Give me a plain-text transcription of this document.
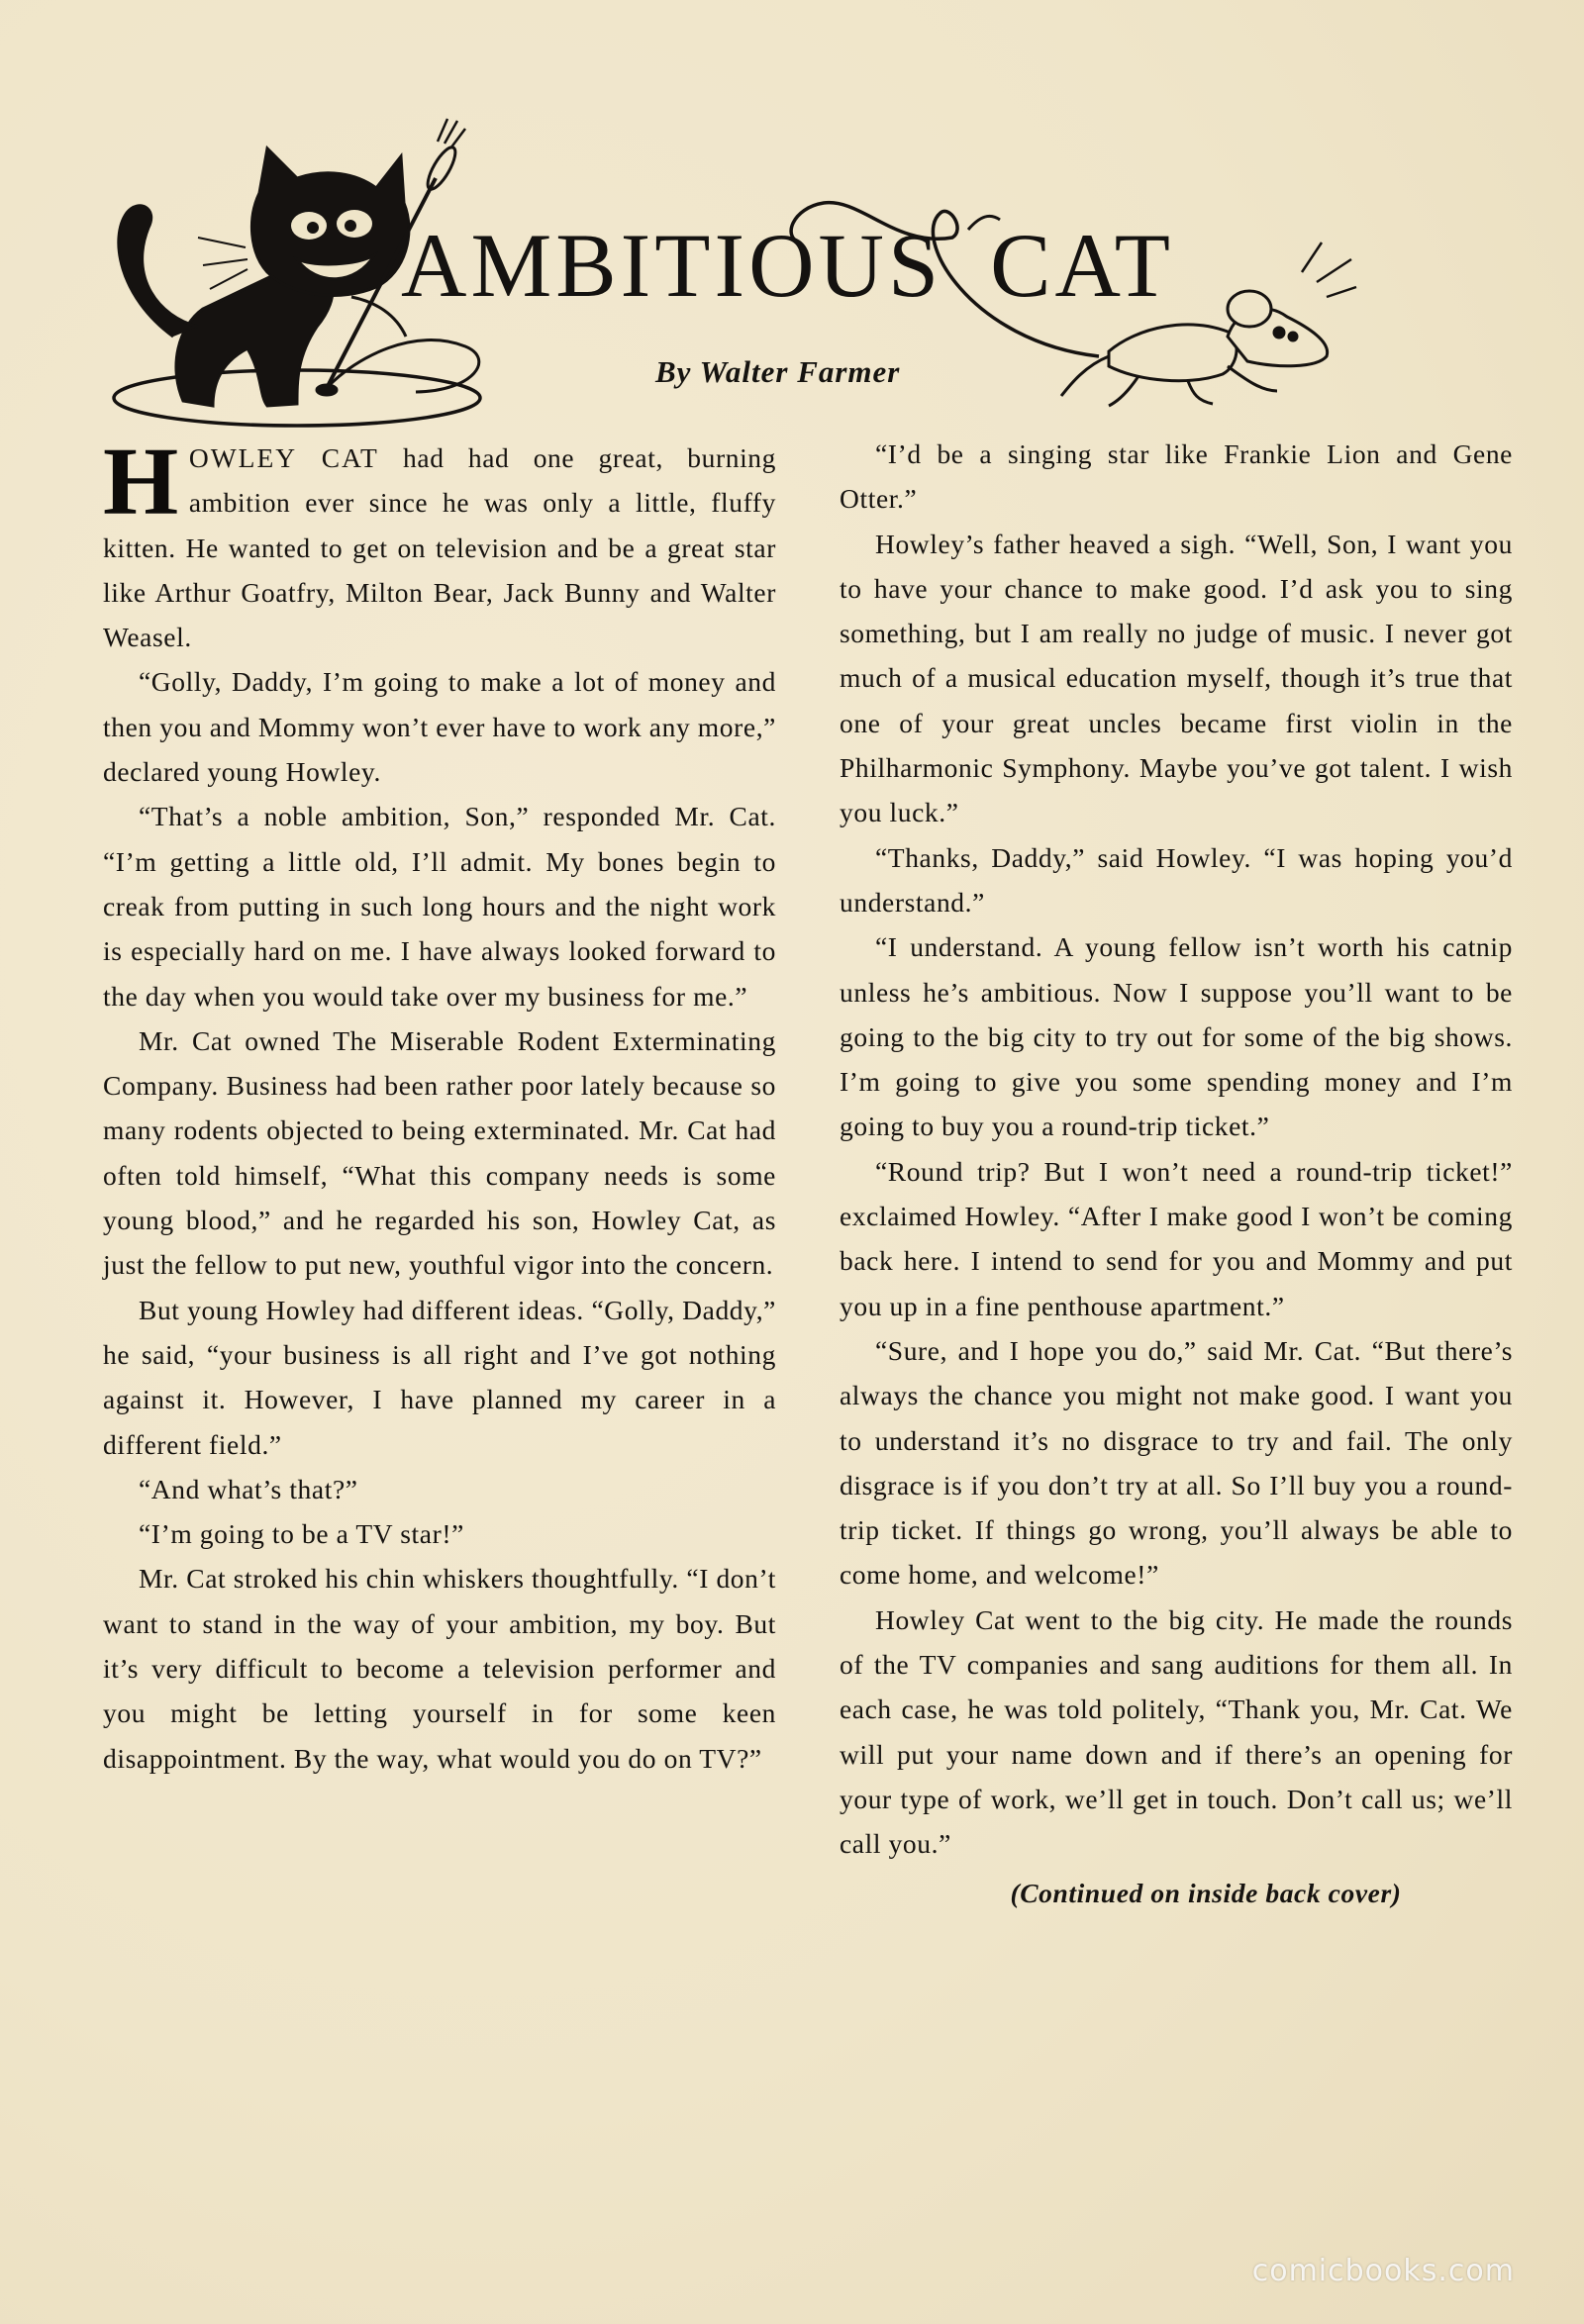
AMBITIOUS CAT

By Walter Farmer

HOWLEY CAT had had one great, burning ambition ever since he was only a little, fluffy kitten. He wanted to get on television and be a great star like Arthur Goatfry, Milton Bear, Jack Bunny and Walter Weasel.

“Golly, Daddy, I’m going to make a lot of money and then you and Mommy won’t ever have to work any more,” declared young Howley.

“That’s a noble ambition, Son,” responded Mr. Cat. “I’m getting a little old, I’ll admit. My bones begin to creak from putting in such long hours and the night work is especially hard on me. I have always looked forward to the day when you would take over my business for me.”

Mr. Cat owned The Miserable Rodent Exterminating Company. Business had been rather poor lately because so many rodents objected to being exterminated. Mr. Cat had often told himself, “What this company needs is some young blood,” and he regarded his son, Howley Cat, as just the fellow to put new, youthful vigor into the concern.

But young Howley had different ideas. “Golly, Daddy,” he said, “your business is all right and I’ve got nothing against it. However, I have planned my career in a different field.”

“And what’s that?”

“I’m going to be a TV star!”

Mr. Cat stroked his chin whiskers thoughtfully. “I don’t want to stand in the way of your ambition, my boy. But it’s very difficult to become a television performer and you might be letting yourself in for some keen disappointment. By the way, what would you do on TV?”

“I’d be a singing star like Frankie Lion and Gene Otter.”

Howley’s father heaved a sigh. “Well, Son, I want you to have your chance to make good. I’d ask you to sing something, but I am really no judge of music. I never got much of a musical education myself, though it’s true that one of your great uncles became first violin in the Philharmonic Symphony. Maybe you’ve got talent. I wish you luck.”

“Thanks, Daddy,” said Howley. “I was hoping you’d understand.”

“I understand. A young fellow isn’t worth his catnip unless he’s ambitious. Now I suppose you’ll want to be going to the big city to try out for some of the big shows. I’m going to give you some spending money and I’m going to buy you a round-trip ticket.”

“Round trip? But I won’t need a round-trip ticket!” exclaimed Howley. “After I make good I won’t be coming back here. I intend to send for you and Mommy and put you up in a fine penthouse apartment.”

“Sure, and I hope you do,” said Mr. Cat. “But there’s always the chance you might not make good. I want you to understand it’s no disgrace to try and fail. The only disgrace is if you don’t try at all. So I’ll buy you a round-trip ticket. If things go wrong, you’ll always be able to come home, and welcome!”

Howley Cat went to the big city. He made the rounds of the TV companies and sang auditions for them all. In each case, he was told politely, “Thank you, Mr. Cat. We will put your name down and if there’s an opening for your type of work, we’ll get in touch. Don’t call us; we’ll call you.”

(Continued on inside back cover)
comicbooks.com
